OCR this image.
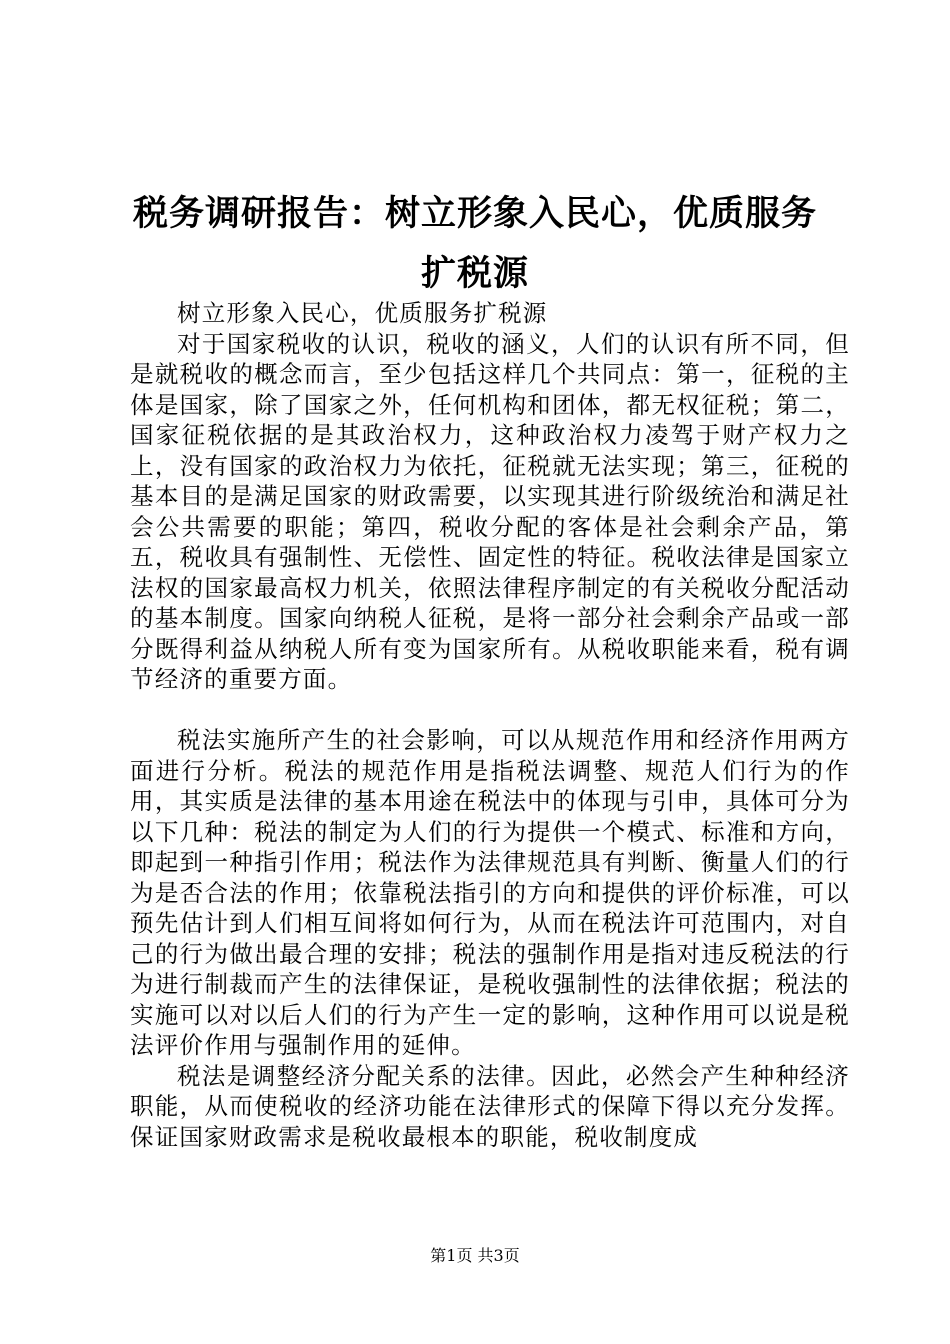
税务调研报告：树立形象入民心，优质服务扩税源

树立形象入民心，优质服务扩税源

对于国家税收的认识，税收的涵义，人们的认识有所不同，但是就税收的概念而言，至少包括这样几个共同点：第一，征税的主体是国家，除了国家之外，任何机构和团体，都无权征税；第二，国家征税依据的是其政治权力，这种政治权力凌驾于财产权力之上，没有国家的政治权力为依托，征税就无法实现；第三，征税的基本目的是满足国家的财政需要，以实现其进行阶级统治和满足社会公共需要的职能；第四，税收分配的客体是社会剩余产品，第五，税收具有强制性、无偿性、固定性的特征。税收法律是国家立法权的国家最高权力机关，依照法律程序制定的有关税收分配活动的基本制度。国家向纳税人征税，是将一部分社会剩余产品或一部分既得利益从纳税人所有变为国家所有。从税收职能来看，税有调节经济的重要方面。

税法实施所产生的社会影响，可以从规范作用和经济作用两方面进行分析。税法的规范作用是指税法调整、规范人们行为的作用，其实质是法律的基本用途在税法中的体现与引申，具体可分为以下几种：税法的制定为人们的行为提供一个模式、标准和方向，即起到一种指引作用；税法作为法律规范具有判断、衡量人们的行为是否合法的作用；依靠税法指引的方向和提供的评价标准，可以预先估计到人们相互间将如何行为，从而在税法许可范围内，对自己的行为做出最合理的安排；税法的强制作用是指对违反税法的行为进行制裁而产生的法律保证，是税收强制性的法律依据；税法的实施可以对以后人们的行为产生一定的影响，这种作用可以说是税法评价作用与强制作用的延伸。

税法是调整经济分配关系的法律。因此，必然会产生种种经济职能，从而使税收的经济功能在法律形式的保障下得以充分发挥。保证国家财政需求是税收最根本的职能，税收制度成

第1页 共3页
